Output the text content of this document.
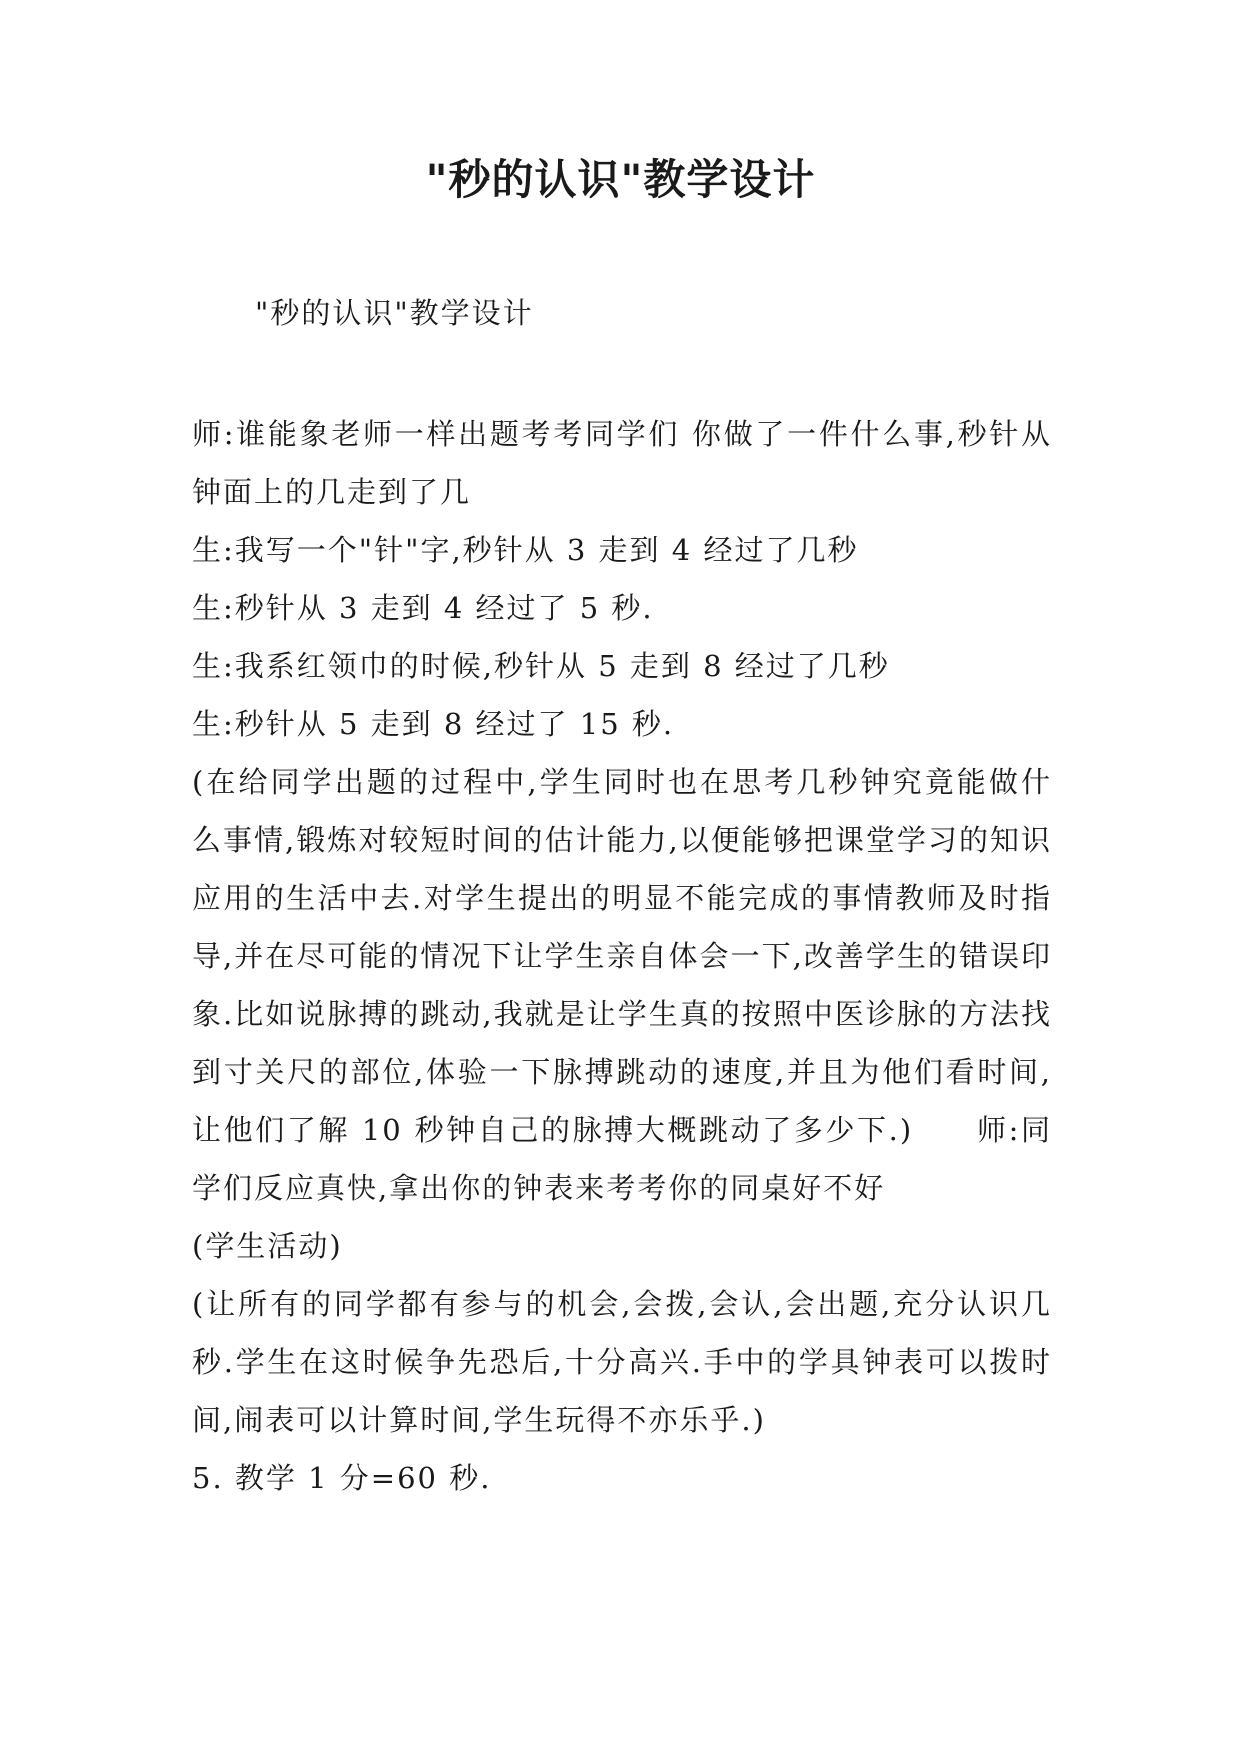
"秒的认识"教学设计

"秒的认识"教学设计

师:谁能象老师一样出题考考同学们 你做了一件什么事,秒针从钟面上的几走到了几

生:我写一个"针"字,秒针从 3 走到 4 经过了几秒

生:秒针从 3 走到 4 经过了 5 秒.

生:我系红领巾的时候,秒针从 5 走到 8 经过了几秒

生:秒针从 5 走到 8 经过了 15 秒.

(在给同学出题的过程中,学生同时也在思考几秒钟究竟能做什么事情,锻炼对较短时间的估计能力,以便能够把课堂学习的知识应用的生活中去.对学生提出的明显不能完成的事情教师及时指导,并在尽可能的情况下让学生亲自体会一下,改善学生的错误印象.比如说脉搏的跳动,我就是让学生真的按照中医诊脉的方法找到寸关尺的部位,体验一下脉搏跳动的速度,并且为他们看时间,让他们了解 10 秒钟自己的脉搏大概跳动了多少下.)　　师:同学们反应真快,拿出你的钟表来考考你的同桌好不好

(学生活动)

(让所有的同学都有参与的机会,会拨,会认,会出题,充分认识几秒.学生在这时候争先恐后,十分高兴.手中的学具钟表可以拨时间,闹表可以计算时间,学生玩得不亦乐乎.)

5. 教学 1 分=60 秒.
